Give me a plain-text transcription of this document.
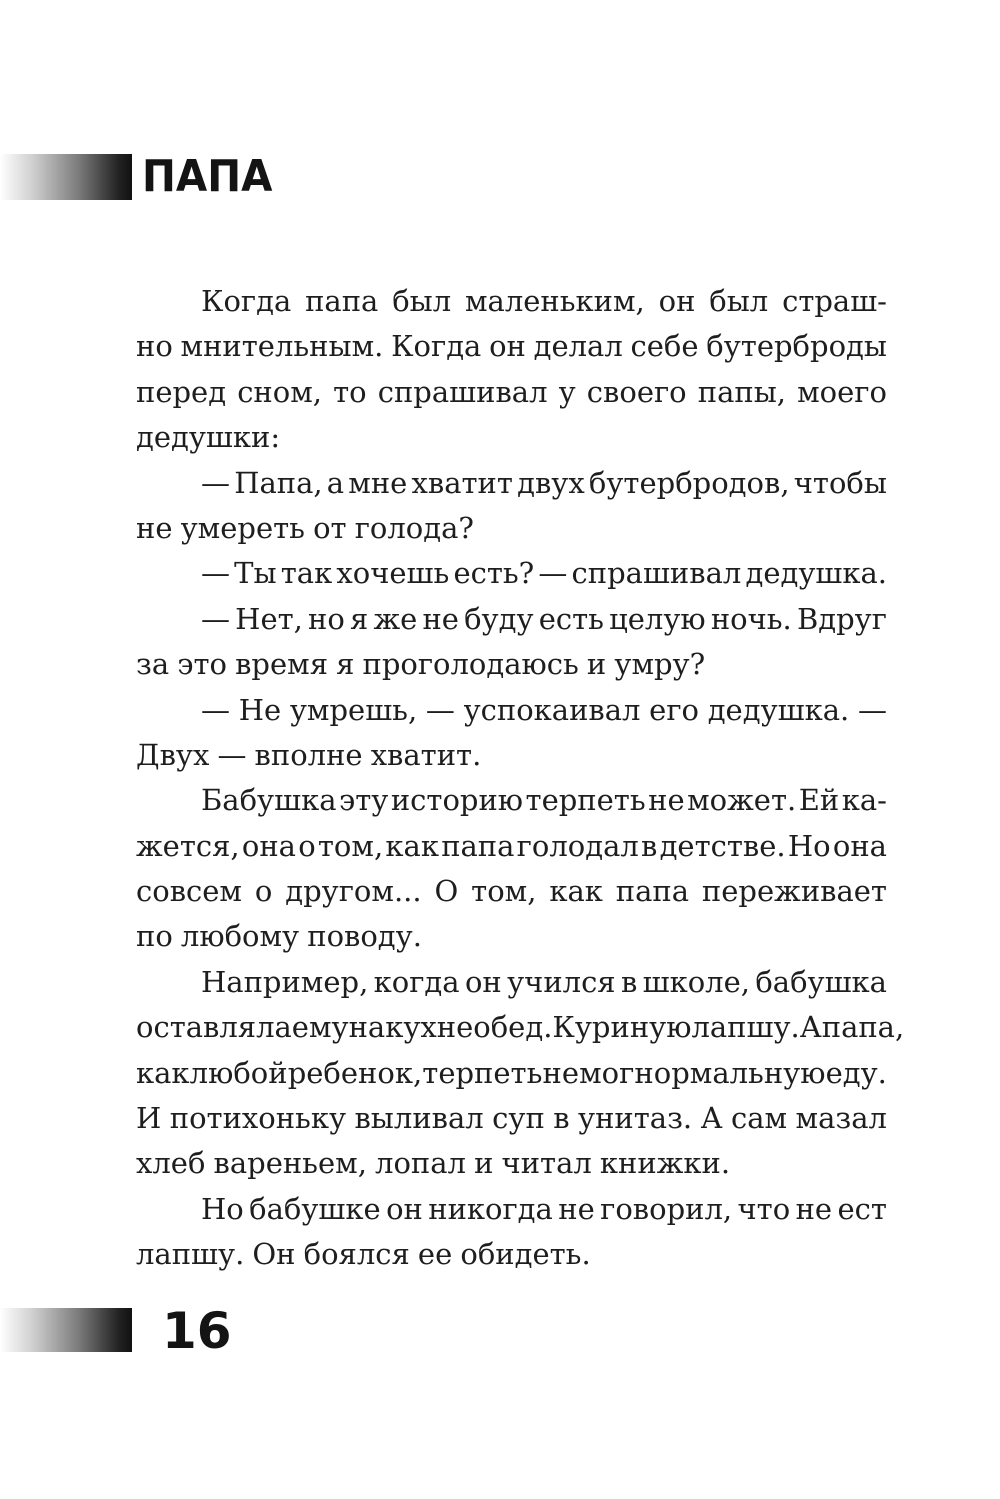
ПАПА
Когда папа был маленьким, он был страш-
но мнительным. Когда он делал себе бутерброды
перед сном, то спрашивал у своего папы, моего
дедушки:
— Папа, а мне хватит двух бутербродов, чтобы
не умереть от голода?
— Ты так хочешь есть? — спрашивал дедушка.
— Нет, но я же не буду есть целую ночь. Вдруг
за это время я проголодаюсь и умру?
— Не умрешь, — успокаивал его дедушка. —
Двух — вполне хватит.
Бабушка эту историю терпеть не может. Ей ка-
жется, она о том, как папа голодал в детстве. Но она
совсем о другом... О том, как папа переживает
по любому поводу.
Например, когда он учился в школе, бабушка
оставляла ему на кухне обед. Куриную лапшу. А папа,
как любой ребенок, терпеть не мог нормальную еду.
И потихоньку выливал суп в унитаз. А сам мазал
хлеб вареньем, лопал и читал книжки.
Но бабушке он никогда не говорил, что не ест
лапшу. Он боялся ее обидеть.
16
